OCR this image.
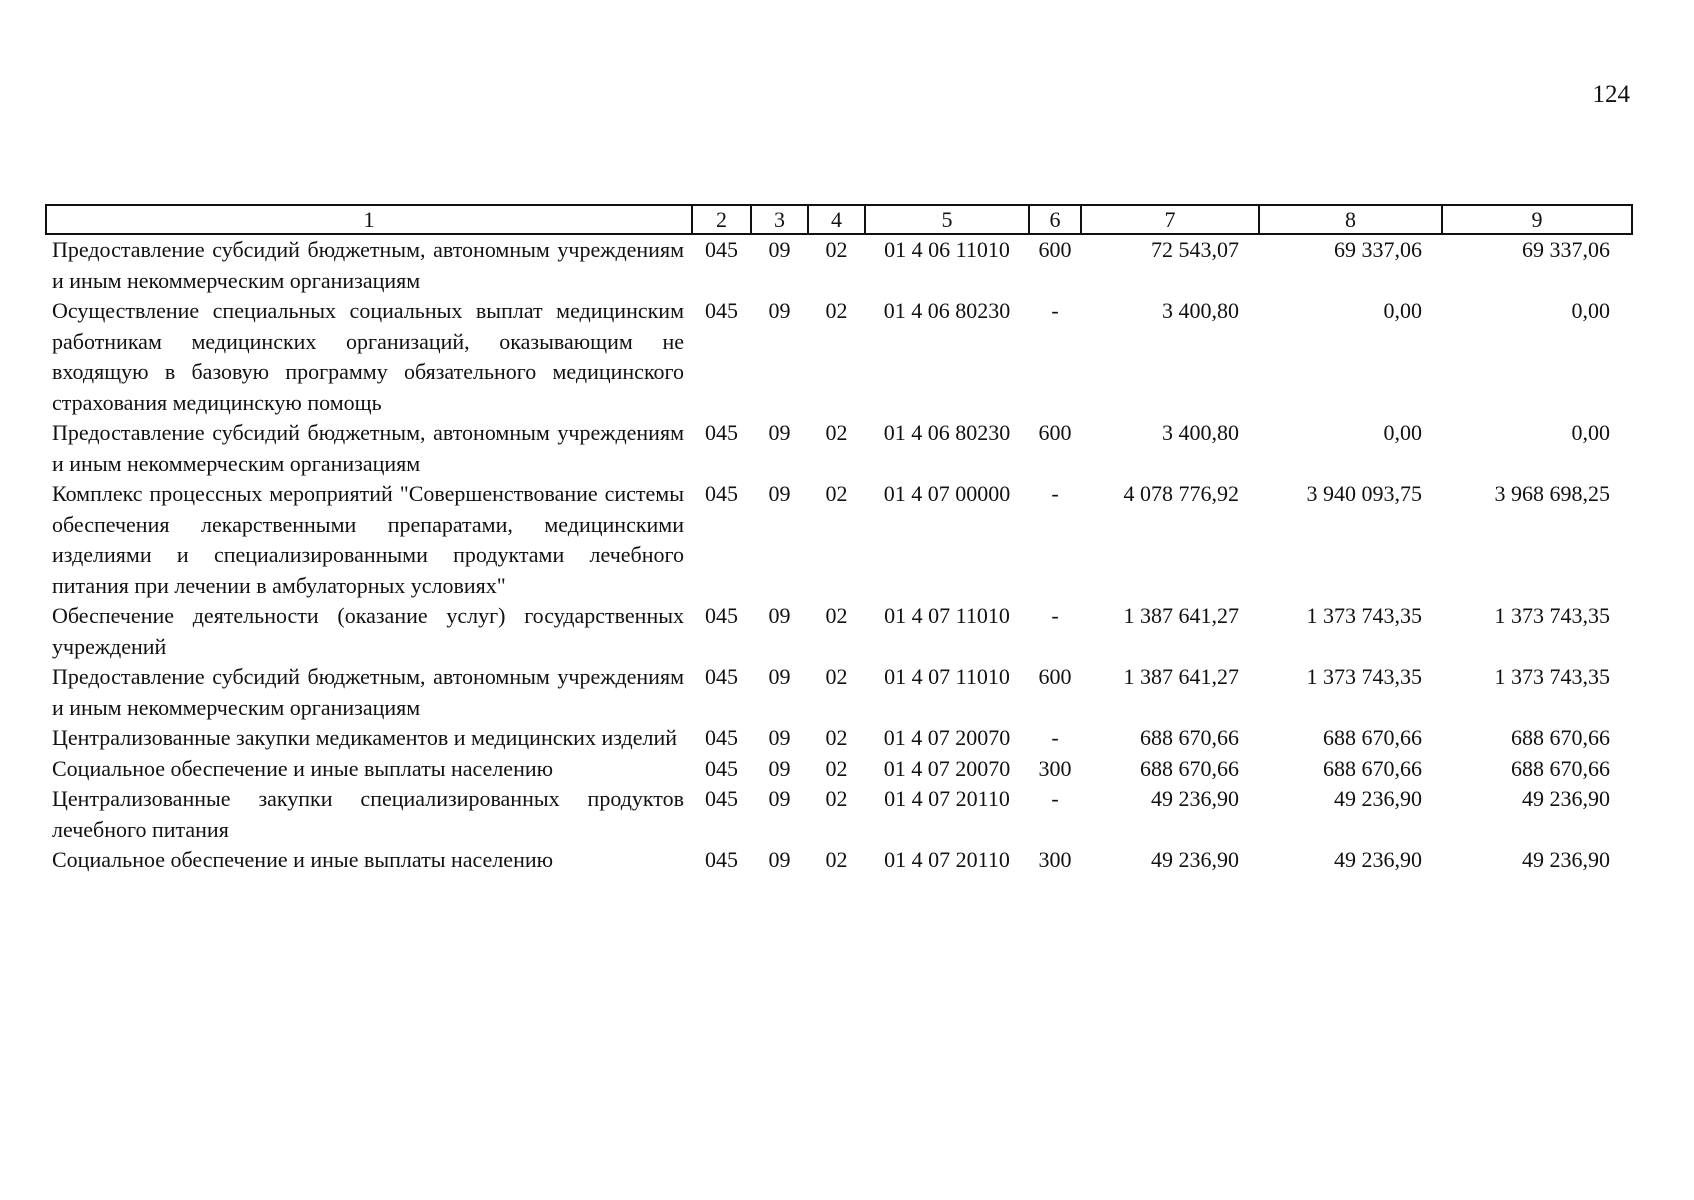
124
1	2	3	4	5	6	7	8	9
Предоставление субсидий бюджетным, автономным учреждениям и иным некоммерческим организациям	045	09	02	01 4 06 11010	600	72 543,07	69 337,06	69 337,06
Осуществление специальных социальных выплат медицинским работникам медицинских организаций, оказывающим не входящую в базовую программу обязательного медицинского страхования медицинскую помощь	045	09	02	01 4 06 80230	-	3 400,80	0,00	0,00
Предоставление субсидий бюджетным, автономным учреждениям и иным некоммерческим организациям	045	09	02	01 4 06 80230	600	3 400,80	0,00	0,00
Комплекс процессных мероприятий "Совершенствование системы обеспечения лекарственными препаратами, медицинскими изделиями и специализированными продуктами лечебного питания при лечении в амбулаторных условиях"	045	09	02	01 4 07 00000	-	4 078 776,92	3 940 093,75	3 968 698,25
Обеспечение деятельности (оказание услуг) государственных учреждений	045	09	02	01 4 07 11010	-	1 387 641,27	1 373 743,35	1 373 743,35
Предоставление субсидий бюджетным, автономным учреждениям и иным некоммерческим организациям	045	09	02	01 4 07 11010	600	1 387 641,27	1 373 743,35	1 373 743,35
Централизованные закупки медикаментов и медицинских изделий	045	09	02	01 4 07 20070	-	688 670,66	688 670,66	688 670,66
Социальное обеспечение и иные выплаты населению	045	09	02	01 4 07 20070	300	688 670,66	688 670,66	688 670,66
Централизованные закупки специализированных продуктов лечебного питания	045	09	02	01 4 07 20110	-	49 236,90	49 236,90	49 236,90
Социальное обеспечение и иные выплаты населению	045	09	02	01 4 07 20110	300	49 236,90	49 236,90	49 236,90
